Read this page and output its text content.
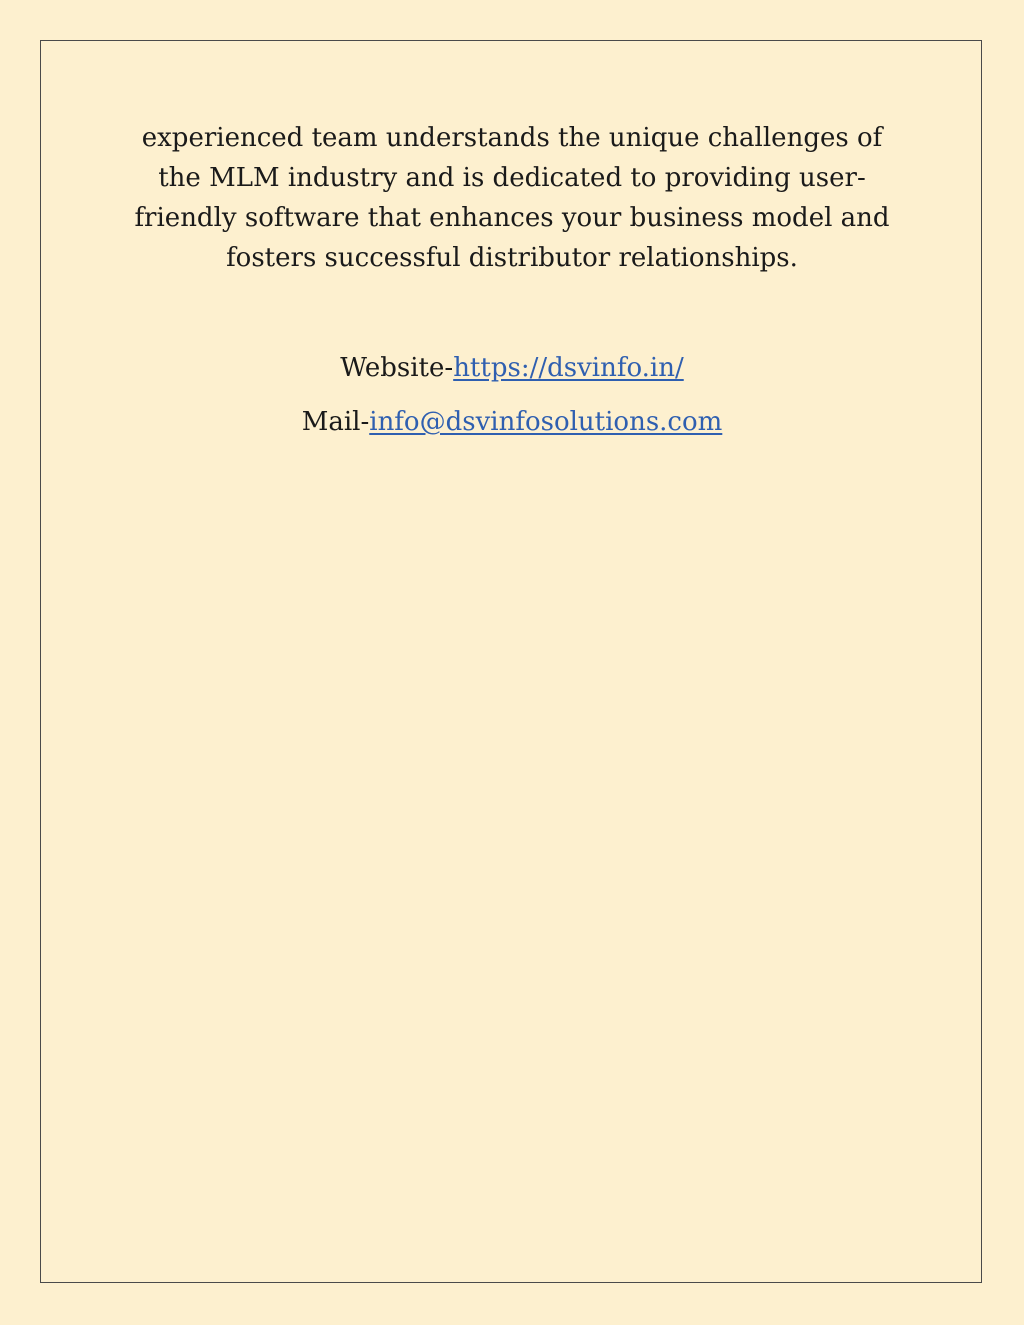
experienced team understands the unique challenges of
the MLM industry and is dedicated to providing user-
friendly software that enhances your business model and
fosters successful distributor relationships.

Website-https://dsvinfo.in/

Mail-info@dsvinfosolutions.com
